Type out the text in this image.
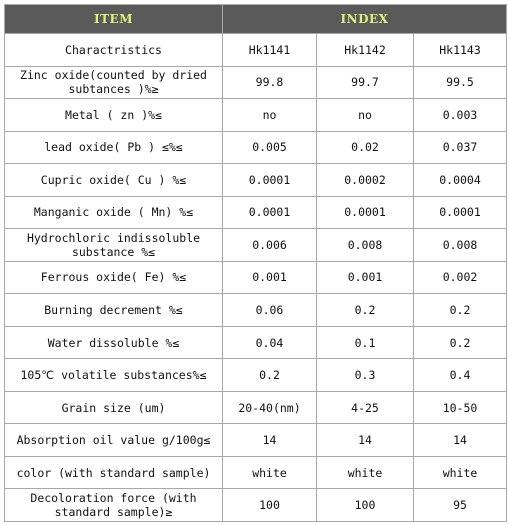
ITEM	INDEX		
Charactristics	Hk1141	Hk1142	Hk1143
Zinc oxide(counted by dried subtances )%≥	99.8	99.7	99.5
Metal ( zn )%≤	no	no	0.003
lead oxide( Pb ) ≤%≤	0.005	0.02	0.037
Cupric oxide( Cu ) %≤	0.0001	0.0002	0.0004
Manganic oxide ( Mn) %≤	0.0001	0.0001	0.0001
Hydrochloric indissoluble substance %≤	0.006	0.008	0.008
Ferrous oxide( Fe) %≤	0.001	0.001	0.002
Burning decrement %≤	0.06	0.2	0.2
Water dissoluble %≤	0.04	0.1	0.2
105℃ volatile substances%≤	0.2	0.3	0.4
Grain size (um)	20-40(nm)	4-25	10-50
Absorption oil value g/100g≤	14	14	14
color (with standard sample)	white	white	white
Decoloration force (with standard sample)≥	100	100	95
